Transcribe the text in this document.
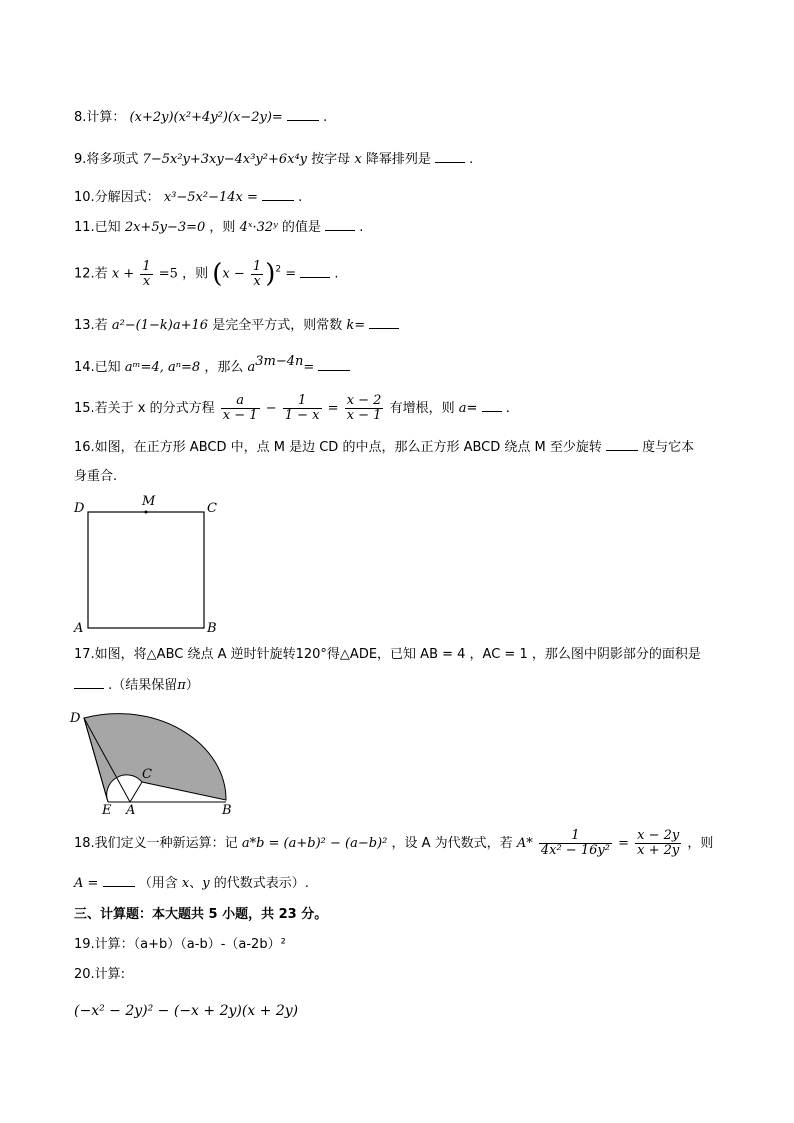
8.计算： (x+2y)(x²+4y²)(x−2y)=	.
9.将多项式 7−5x²y+3xy−4x³y²+6x⁴y 按字母 x 降幂排列是	.
10.分解因式： x³−5x²−14x =	.
11.已知 2x+5y−3=0 ，则 4ˣ·32ʸ 的值是	.
12.若 $x + \frac{1}{x} =5$ ，则 $(x - \frac{1}{x} )^2$ =	.
13.若 a²−(1−k)a+16 是完全平方式，则常数 k=
14.已知 aᵐ=4, aⁿ=8 ，那么 $a^{3m-4n}=$
15.若关于 x 的分式方程 $\frac{a}{x - 1} - \frac{1}{1 - x} = \frac{x - 2}{x - 1}$ 有增根，则 a= .
16.如图，在正方形 ABCD 中，点 M 是边 CD 的中点，那么正方形 ABCD 绕点 M 至少旋转	度与它本
身重合.
D	M	C
A	B
17.如图，将△ABC 绕点 A 逆时针旋转120°得△ADE，已知 AB = 4 ，AC = 1 ，那么图中阴影部分的面积是
.（结果保留π）
D
C
E A	B
18.我们定义一种新运算：记 a*b = (a+b)² − (a−b)² ，设 A 为代数式，若 $A* \frac{1}{\text{4x² − 16y²}} = \frac{x - 2y}{x + 2y}$ ，则
A =	（用含 x、y 的代数式表示）.
三、计算题：本大题共 5 小题，共 23 分。
19.计算：（a+b）（a-b）-（a-2b）²
20.计算:
(−x² − 2y)² − (−x + 2y)(x + 2y)
